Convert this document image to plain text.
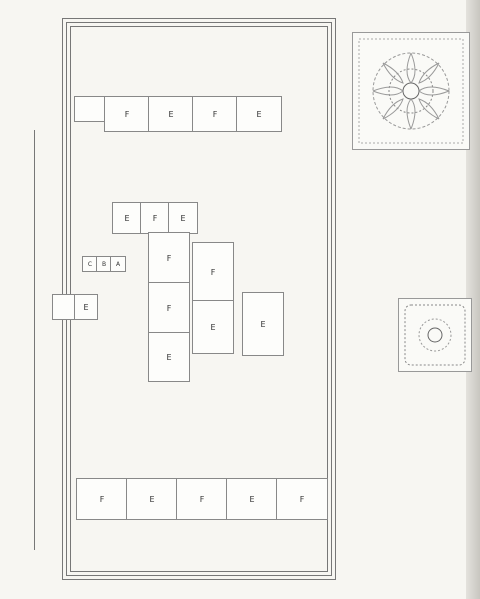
F	E	F	E
E	F	E
C	B	A
E
F
F
E
F
E	E
F	E	F	E	F
